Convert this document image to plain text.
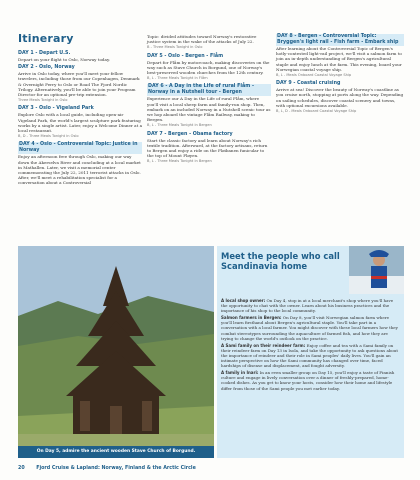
Itinerary
DAY 1 - Depart U.S.

Depart on your flight to Oslo, Norway today.

DAY 2 - Oslo, Norway

Arrive in Oslo today, where you'll meet your fellow travelers, including those from our Copenhagen, Denmark & Overnight Ferry to Oslo or Road The Fjord Nordic Trilogy. Alternatively, you'll be able to join your Program Director for an optional pre-trip extension.

Three Meals Tonight in Oslo
DAY 3 - Oslo - Vigeland Park

Explore Oslo with a local guide, including open-air Vigeland Park, the world's largest sculpture park featuring works by a single artist. Later, enjoy a Welcome Dinner at a local restaurant.

B, D - Three Meals Tonight in Oslo
DAY 4 - Oslo - Controversial Topic: Justice in Norway

Enjoy an afternoon free through Oslo, making our way down the Akerselva River and concluding at a local market in Mathallen. Later, we visit a memorial center commemorating the July 22, 2011 terrorist attacks in Oslo. After, we'll meet a rehabilitation specialist for a conversation about a Controversial

Topic: divided attitudes toward Norway's restorative justice system in the wake of the attacks of July 22.

B - Three Meals Tonight in Oslo
DAY 5 - Oslo - Bergen - Flåm

Depart for Flåm by motorcoach, making discoveries on the way such as Stave Church in Borgund, one of Norway's best-preserved wooden churches from the 12th century.

B, L - Three Meals Tonight in Flåm
DAY 6 - A Day in the Life of rural Flåm - Norway in a Nutshell tour - Bergen

Experience our A Day in the Life of rural Flåm, where you'll visit a local sheep farm and family-run shop. Then, embark on an included Norway in a Nutshell scenic tour as we hop aboard the vintage Flåm Railway, making to Bergen.

B, L - Three Meals Tonight in Bergen
DAY 7 - Bergen - Obama factory

Start the classic factory and learn about Norway's rich textile tradition. Afterward, at the factory artisans, return to Bergen and enjoy a ride on the Fløibanen funicular to the top of Mount Fløyen.

B, L - Three Meals Tonight in Bergen
DAY 8 - Bergen - Controversial Topic: Bryggen's light rail - Fish farm - Embark ship

After learning about the Controversial Topic of Bergen's hotly-contested light-rail project, we'll visit a salmon farm to join an in-depth understanding of Bergen's agricultural staple and enjoy lunch at the farm. This evening, board your Norwegian coastal voyage ship.

B, L - Meals Onboard Coastal Voyage Ship
DAY 9 - Coastal cruising

Arrive at sea! Discover the beauty of Norway's coastline as you cruise north, stopping at ports along the way. Depending on sailing schedules, discover coastal scenery and towns, with optional excursions available.

B, L, D - Meals Onboard Coastal Voyage Ship
On Day 5, admire the ancient wooden Stave Church of Borgund.
Meet the people who call Scandinavia home

A local shop owner: On Day 4, stop in at a local merchant's shop where you'll have the opportunity to chat with the owner. Learn about his business practices and the importance of his shop to the local community.

Salmon farmers in Bergen: On Day 8, you'll visit Norwegian salmon farm where you'll learn firsthand about Bergen's agricultural staple. You'll take part in a conversation with a local farmer. You might discover with these local farmers how they combat stereotypes surrounding the aquaculture of farmed fish, and how they are trying to change the world's outlook on the practice.

A Sami family on their reindeer farm: Enjoy coffee and tea with a Sami family on their reindeer farm on Day 13 in Isola, and take the opportunity to ask questions about the importance of reindeer and their role in Sami peoples' daily lives. You'll gain an intimate perspective on how the Sami community has changed over time, faced hardships of disease and displacement, and fought adversity.

A family in Inari: In an even smaller group on Day 15, you'll enjoy a taste of Finnish culture and engage in lively conversation over a dinner of freshly-prepared, home-cooked dishes. As you get to know your hosts, consider how their home and lifestyle differ from those of the Sami people you met earlier today.

20 Fjord Cruise & Lapland: Norway, Finland & the Arctic Circle
